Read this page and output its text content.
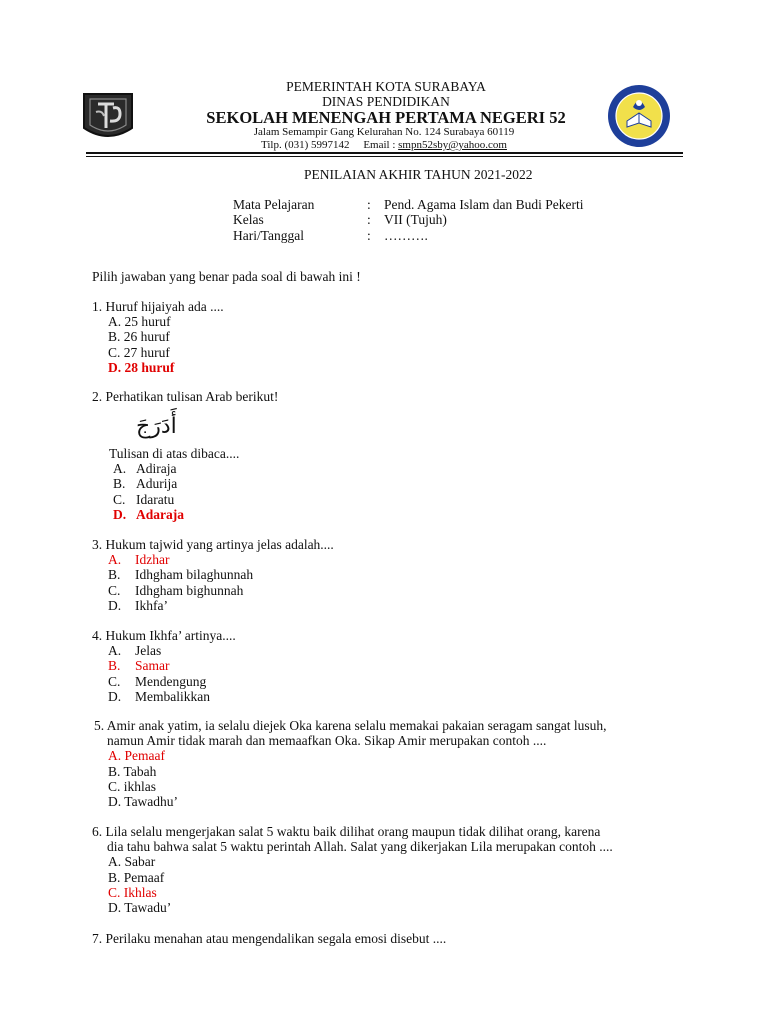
PEMERINTAH KOTA SURABAYA
DINAS PENDIDIKAN
SEKOLAH MENENGAH PERTAMA NEGERI 52
Jalam Semampir Gang Kelurahan No. 124 Surabaya 60119
Tilp. (031) 5997142 Email : smpn52sby@yahoo.com
PENILAIAN AKHIR TAHUN 2021-2022
Mata Pelajaran	: Pend. Agama Islam dan Budi Pekerti
Kelas	: VII (Tujuh)
Hari/Tanggal	: ……….
Pilih jawaban yang benar pada soal di bawah ini !
1. Huruf hijaiyah ada ....
A. 25 huruf
B. 26 huruf
C. 27 huruf
D. 28 huruf
2. Perhatikan tulisan Arab berikut!
أَدَرَجَ
Tulisan di atas dibaca....
A. Adiraja
B. Adurija
C. Idaratu
D. Adaraja
3. Hukum tajwid yang artinya jelas adalah....
A. Idzhar
B. Idhgham bilaghunnah
C. Idhgham bighunnah
D. Ikhfa’
4. Hukum Ikhfa’ artinya....
A. Jelas
B. Samar
C. Mendengung
D. Membalikkan
5. Amir anak yatim, ia selalu diejek Oka karena selalu memakai pakaian seragam sangat lusuh,
namun Amir tidak marah dan memaafkan Oka. Sikap Amir merupakan contoh ....
A. Pemaaf
B. Tabah
C. ikhlas
D. Tawadhu’
6. Lila selalu mengerjakan salat 5 waktu baik dilihat orang maupun tidak dilihat orang, karena
dia tahu bahwa salat 5 waktu perintah Allah. Salat yang dikerjakan Lila merupakan contoh ....
A. Sabar
B. Pemaaf
C. Ikhlas
D. Tawadu’
7. Perilaku menahan atau mengendalikan segala emosi disebut ....
